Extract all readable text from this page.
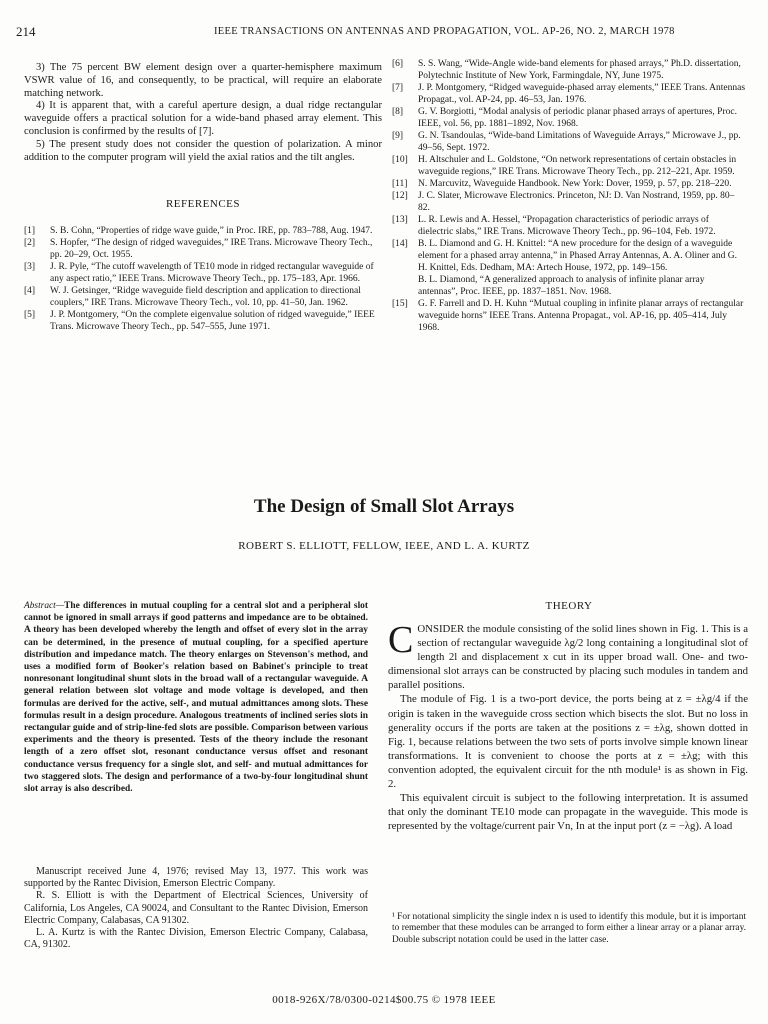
214	IEEE TRANSACTIONS ON ANTENNAS AND PROPAGATION, VOL. AP-26, NO. 2, MARCH 1978

3) The 75 percent BW element design over a quarter-hemisphere maximum VSWR value of 16, and consequently, to be practical, will require an elaborate matching network.

4) It is apparent that, with a careful aperture design, a dual ridge rectangular waveguide offers a practical solution for a wide-band phased array element. This conclusion is confirmed by the results of [7].

5) The present study does not consider the question of polarization. A minor addition to the computer program will yield the axial ratios and the tilt angles.

REFERENCES
[1]	S. B. Cohn, “Properties of ridge wave guide,” in Proc. IRE, pp. 783–788, Aug. 1947.
[2]	S. Hopfer, “The design of ridged waveguides,” IRE Trans. Microwave Theory Tech., pp. 20–29, Oct. 1955.
[3]	J. R. Pyle, “The cutoff wavelength of TE10 mode in ridged rectangular waveguide of any aspect ratio,” IEEE Trans. Microwave Theory Tech., pp. 175–183, Apr. 1966.
[4]	W. J. Getsinger, “Ridge waveguide field description and application to directional couplers,” IRE Trans. Microwave Theory Tech., vol. 10, pp. 41–50, Jan. 1962.
[5]	J. P. Montgomery, “On the complete eigenvalue solution of ridged waveguide,” IEEE Trans. Microwave Theory Tech., pp. 547–555, June 1971.
[6]	S. S. Wang, “Wide-Angle wide-band elements for phased arrays,” Ph.D. dissertation, Polytechnic Institute of New York, Farmingdale, NY, June 1975.
[7]	J. P. Montgomery, “Ridged waveguide-phased array elements,” IEEE Trans. Antennas Propagat., vol. AP-24, pp. 46–53, Jan. 1976.
[8]	G. V. Borgiotti, “Modal analysis of periodic planar phased arrays of apertures, Proc. IEEE, vol. 56, pp. 1881–1892, Nov. 1968.
[9]	G. N. Tsandoulas, “Wide-band Limitations of Waveguide Arrays,” Microwave J., pp. 49–56, Sept. 1972.
[10]	H. Altschuler and L. Goldstone, “On network representations of certain obstacles in waveguide regions,” IRE Trans. Microwave Theory Tech., pp. 212–221, Apr. 1959.
[11]	N. Marcuvitz, Waveguide Handbook. New York: Dover, 1959, p. 57, pp. 218–220.
[12]	J. C. Slater, Microwave Electronics. Princeton, NJ: D. Van Nostrand, 1959, pp. 80–82.
[13]	L. R. Lewis and A. Hessel, “Propagation characteristics of periodic arrays of dielectric slabs,” IRE Trans. Microwave Theory Tech., pp. 96–104, Feb. 1972.
[14]	B. L. Diamond and G. H. Knittel: “A new procedure for the design of a waveguide element for a phased array antenna,” in Phased Array Antennas, A. A. Oliner and G. H. Knittel, Eds. Dedham, MA: Artech House, 1972, pp. 149–156.
B. L. Diamond, “A generalized approach to analysis of infinite planar array antennas”, Proc. IEEE, pp. 1837–1851. Nov. 1968.
[15]	G. F. Farrell and D. H. Kuhn “Mutual coupling in infinite planar arrays of rectangular waveguide horns” IEEE Trans. Antenna Propagat., vol. AP-16, pp. 405–414, July 1968.
The Design of Small Slot Arrays
ROBERT S. ELLIOTT, FELLOW, IEEE, AND L. A. KURTZ
Abstract—The differences in mutual coupling for a central slot and a peripheral slot cannot be ignored in small arrays if good patterns and impedance are to be obtained. A theory has been developed whereby the length and offset of every slot in the array can be determined, in the presence of mutual coupling, for a specified aperture distribution and impedance match. The theory enlarges on Stevenson's method, and uses a modified form of Booker's relation based on Babinet's principle to treat nonresonant longitudinal shunt slots in the broad wall of a rectangular waveguide. A general relation between slot voltage and mode voltage is developed, and then formulas are derived for the active, self-, and mutual admittances among slots. These formulas result in a design procedure. Analogous treatments of inclined series slots in rectangular guide and of strip-line-fed slots are possible. Comparison between various experiments and the theory is presented. Tests of the theory include the resonant length of a zero offset slot, resonant conductance versus offset and resonant conductance versus frequency for a single slot, and self- and mutual admittances for two staggered slots. The design and performance of a two-by-four longitudinal shunt slot array is also described.

Manuscript received June 4, 1976; revised May 13, 1977. This work was supported by the Rantec Division, Emerson Electric Company.

R. S. Elliott is with the Department of Electrical Sciences, University of California, Los Angeles, CA 90024, and Consultant to the Rantec Division, Emerson Electric Company, Calabasas, CA 91302.

L. A. Kurtz is with the Rantec Division, Emerson Electric Company, Calabasa, CA, 91302.

THEORY

CONSIDER the module consisting of the solid lines shown in Fig. 1. This is a section of rectangular waveguide λg/2 long containing a longitudinal slot of length 2l and displacement x cut in its upper broad wall. One- and two-dimensional slot arrays can be constructed by placing such modules in tandem and parallel positions.

The module of Fig. 1 is a two-port device, the ports being at z = ±λg/4 if the origin is taken in the waveguide cross section which bisects the slot. But no loss in generality occurs if the ports are taken at the positions z = ±λg, shown dotted in Fig. 1, because relations between the two sets of ports involve simple known linear transformations. It is convenient to choose the ports at z = ±λg; with this convention adopted, the equivalent circuit for the nth module¹ is as shown in Fig. 2.

This equivalent circuit is subject to the following interpretation. It is assumed that only the dominant TE10 mode can propagate in the waveguide. This mode is represented by the voltage/current pair Vn, In at the input port (z = −λg). A load

¹ For notational simplicity the single index n is used to identify this module, but it is important to remember that these modules can be arranged to form either a linear array or a planar array. Double subscript notation could be used in the latter case.
0018-926X/78/0300-0214$00.75 © 1978 IEEE
